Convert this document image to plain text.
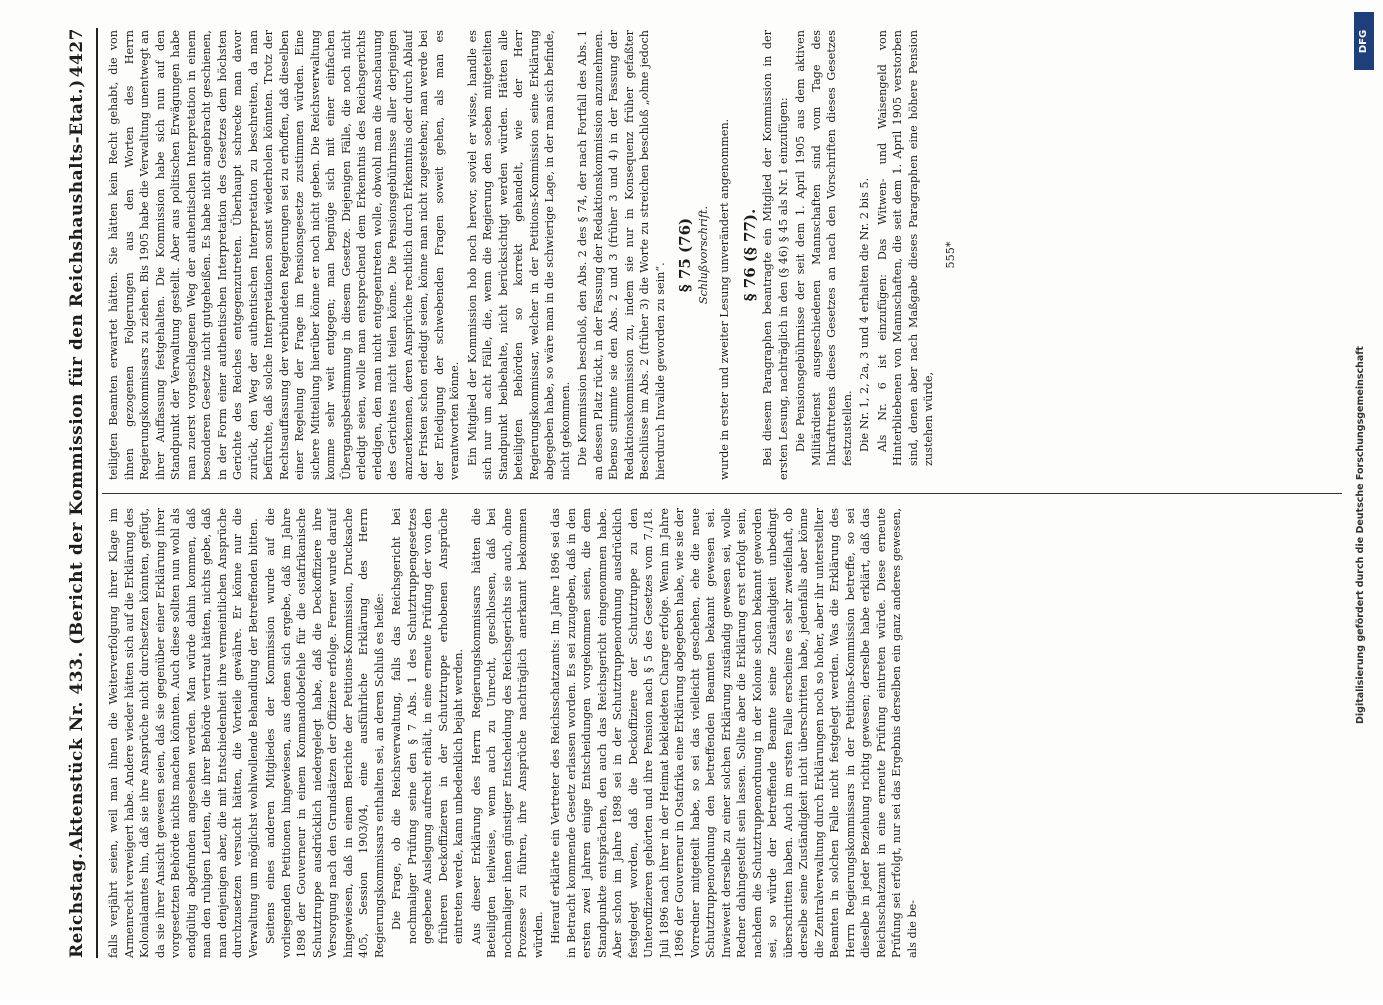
Reichstag.
Aktenstück Nr. 433. (Bericht der Kommission für den Reichshaushalts-Etat.)
4427

falls verjährt seien, weil man ihnen die Weiterverfolgung ihrer Klage im Armenrecht verweigert habe. Andere wieder hätten sich auf die Erklärung des Kolonialamtes hin, daß sie ihre Ansprüche nicht durchsetzen könnten, gefügt, da sie ihrer Ansicht gewesen seien, daß sie gegenüber einer Erklärung ihrer vorgesetzten Behörde nichts machen könnten. Auch diese sollten nun wohl als endgültig abgefunden angesehen werden. Man würde dahin kommen, daß man den ruhigen Leuten, die ihrer Behörde vertraut hätten, nichts gebe, daß man denjenigen aber, die mit Entschiedenheit ihre vermeintlichen Ansprüche durchzusetzen versucht hätten, die Vorteile gewähre. Er könne nur die Verwaltung um möglichst wohlwollende Behandlung der Betreffenden bitten. Seitens eines anderen Mitgliedes der Kommission wurde auf die vorliegenden Petitionen hingewiesen, aus denen sich ergebe, daß im Jahre 1898 der Gouverneur in einem Kommandobefehle für die ostafrikanische Schutztruppe ausdrücklich niedergelegt habe, daß die Deckoffiziere ihre Versorgung nach den Grundsätzen der Offiziere erfolge. Ferner wurde darauf hingewiesen, daß in einem Berichte der Petitions-Kommission, Drucksache 405, Session 1903/04, eine ausführliche Erklärung des Herrn Regierungskommissars enthalten sei, an deren Schluß es heiße: Die Frage, ob die Reichsverwaltung, falls das Reichsgericht bei nochmaliger Prüfung seine den § 7 Abs. 1 des Schutztruppengesetzes gegebene Auslegung aufrecht erhält, in eine erneute Prüfung der von den früheren Deckoffizieren in der Schutztruppe erhobenen Ansprüche eintreten werde, kann unbedenklich bejaht werden. Aus dieser Erklärung des Herrn Regierungskommissars hätten die Beteiligten teilweise, wenn auch zu Unrecht, geschlossen, daß bei nochmaliger ihnen günstiger Entscheidung des Reichsgerichts sie auch, ohne Prozesse zu führen, ihre Ansprüche nachträglich anerkannt bekommen würden. Hierauf erklärte ein Vertreter des Reichsschatzamts: Im Jahre 1896 sei das in Betracht kommende Gesetz erlassen worden. Es sei zuzugeben, daß in den ersten zwei Jahren einige Entscheidungen vorgekommen seien, die dem Standpunkte entsprächen, den auch das Reichsgericht eingenommen habe. Aber schon im Jahre 1898 sei in der Schutztruppenordnung ausdrücklich festgelegt worden, daß die Deckoffiziere der Schutztruppe zu den Unteroffizieren gehörten und ihre Pension nach § 5 des Gesetzes vom 7./18. Juli 1896 nach ihrer in der Heimat bekleideten Charge erfolge. Wenn im Jahre 1896 der Gouverneur in Ostafrika eine Erklärung abgegeben habe, wie sie der Vorredner mitgeteilt habe, so sei das vielleicht geschehen, ehe die neue Schutztruppenordnung den betreffenden Beamten bekannt gewesen sei. Inwieweit derselbe zu einer solchen Erklärung zuständig gewesen sei, wolle Redner dahingestellt sein lassen. Sollte aber die Erklärung erst erfolgt sein, nachdem die Schutztruppenordnung in der Kolonie schon bekannt geworden sei, so würde der betreffende Beamte seine Zuständigkeit unbedingt überschritten haben. Auch im ersten Falle erscheine es sehr zweifelhaft, ob derselbe seine Zuständigkeit nicht überschritten habe, jedenfalls aber könne die Zentralverwaltung durch Erklärungen noch so hoher, aber ihr unterstellter Beamten in solchen Falle nicht festgelegt werden. Was die Erklärung des Herrn Regierungskommissars in der Petitions-Kommission betreffe, so sei dieselbe in jeder Beziehung richtig gewesen; derselbe habe erklärt, daß das Reichsschatzamt in eine erneute Prüfung eintreten würde. Diese erneute Prüfung sei erfolgt, nur sei das Ergebnis derselben ein ganz anderes gewesen, als die be-

teiligten Beamten erwartet hätten. Sie hätten kein Recht gehabt, die von ihnen gezogenen Folgerungen aus den Worten des Herrn Regierungskommissars zu ziehen. Bis 1905 habe die Verwaltung unentwegt an ihrer Auffassung festgehalten. Die Kommission habe sich nun auf den Standpunkt der Verwaltung gestellt. Aber aus politischen Erwägungen habe man zuerst vorgeschlagenen Weg der authentischen Interpretation in einem besonderen Gesetze nicht gutgeheißen. Es habe nicht angebracht geschienen, in der Form einer authentischen Interpretation des Gesetzes dem höchsten Gerichte des Reiches entgegenzutreten. Überhaupt schrecke man davor zurück, den Weg der authentischen Interpretation zu beschreiten, da man befürchte, daß solche Interpretationen sonst wiederholen könnten. Trotz der Rechtsauffassung der verbündeten Regierungen sei zu erhoffen, daß dieselben einer Regelung der Frage im Pensionsgesetze zustimmen würden. Eine sichere Mitteilung hierüber könne er noch nicht geben. Die Reichsverwaltung komme sehr weit entgegen; man begnüge sich mit einer einfachen Übergangsbestimmung in diesem Gesetze. Diejenigen Fälle, die noch nicht erledigt seien, wolle man entsprechend dem Erkenntnis des Reichsgerichts erledigen, den man nicht entgegentreten wolle, obwohl man die Anschauung des Gerichtes nicht teilen könne. Die Pensionsgebührnisse aller derjenigen anzuerkennen, deren Ansprüche rechtlich durch Erkenntnis oder durch Ablauf der Fristen schon erledigt seien, könne man nicht zugestehen; man werde bei der Erledigung der schwebenden Fragen soweit gehen, als man es verantworten könne. Ein Mitglied der Kommission hob noch hervor, soviel er wisse, handle es sich nur um acht Fälle, die, wenn die Regierung den soeben mitgeteilten Standpunkt beibehalte, nicht berücksichtigt werden würden. Hätten alle beteiligten Behörden so korrekt gehandelt, wie der Herr Regierungskommissar, welcher in der Petitions-Kommission seine Erklärung abgegeben habe, so wäre man in die schwierige Lage, in der man sich befinde, nicht gekommen. Die Kommission beschloß, den Abs. 2 des § 74, der nach Fortfall des Abs. 1 an dessen Platz rückt, in der Fassung der Redaktionskommission anzunehmen. Ebenso stimmte sie den Abs. 2 und 3 (früher 3 und 4) in der Fassung der Redaktionskommission zu, indem sie nur in Konsequenz früher gefaßter Beschlüsse im Abs. 2 (früher 3) die Worte zu streichen beschloß „ohne jedoch hierdurch Invalide geworden zu sein“.

§ 75 (76) Schlußvorschrift. wurde in erster und zweiter Lesung unverändert angenommen. § 76 (§ 77). Bei diesem Paragraphen beantragte ein Mitglied der Kommission in der ersten Lesung, nachträglich in den (§ 46) § 45 als Nr. 1 einzufügen: Die Pensionsgebührnisse der seit dem 1. April 1905 aus dem aktiven Militärdienst ausgeschiedenen Mannschaften sind vom Tage des Inkrafttretens dieses Gesetzes an nach den Vorschriften dieses Gesetzes festzustellen. Die Nr. 1, 2, 2a, 3 und 4 erhalten die Nr. 2 bis 5. Als Nr. 6 ist einzufügen: Das Witwen- und Waisengeld von Hinterbliebenen von Mannschaften, die seit dem 1. April 1905 verstorben sind, denen aber nach Maßgabe dieses Paragraphen eine höhere Pension zustehen würde,

555*

DFG
Digitalisierung gefördert durch die Deutsche Forschungsgemeinschaft
